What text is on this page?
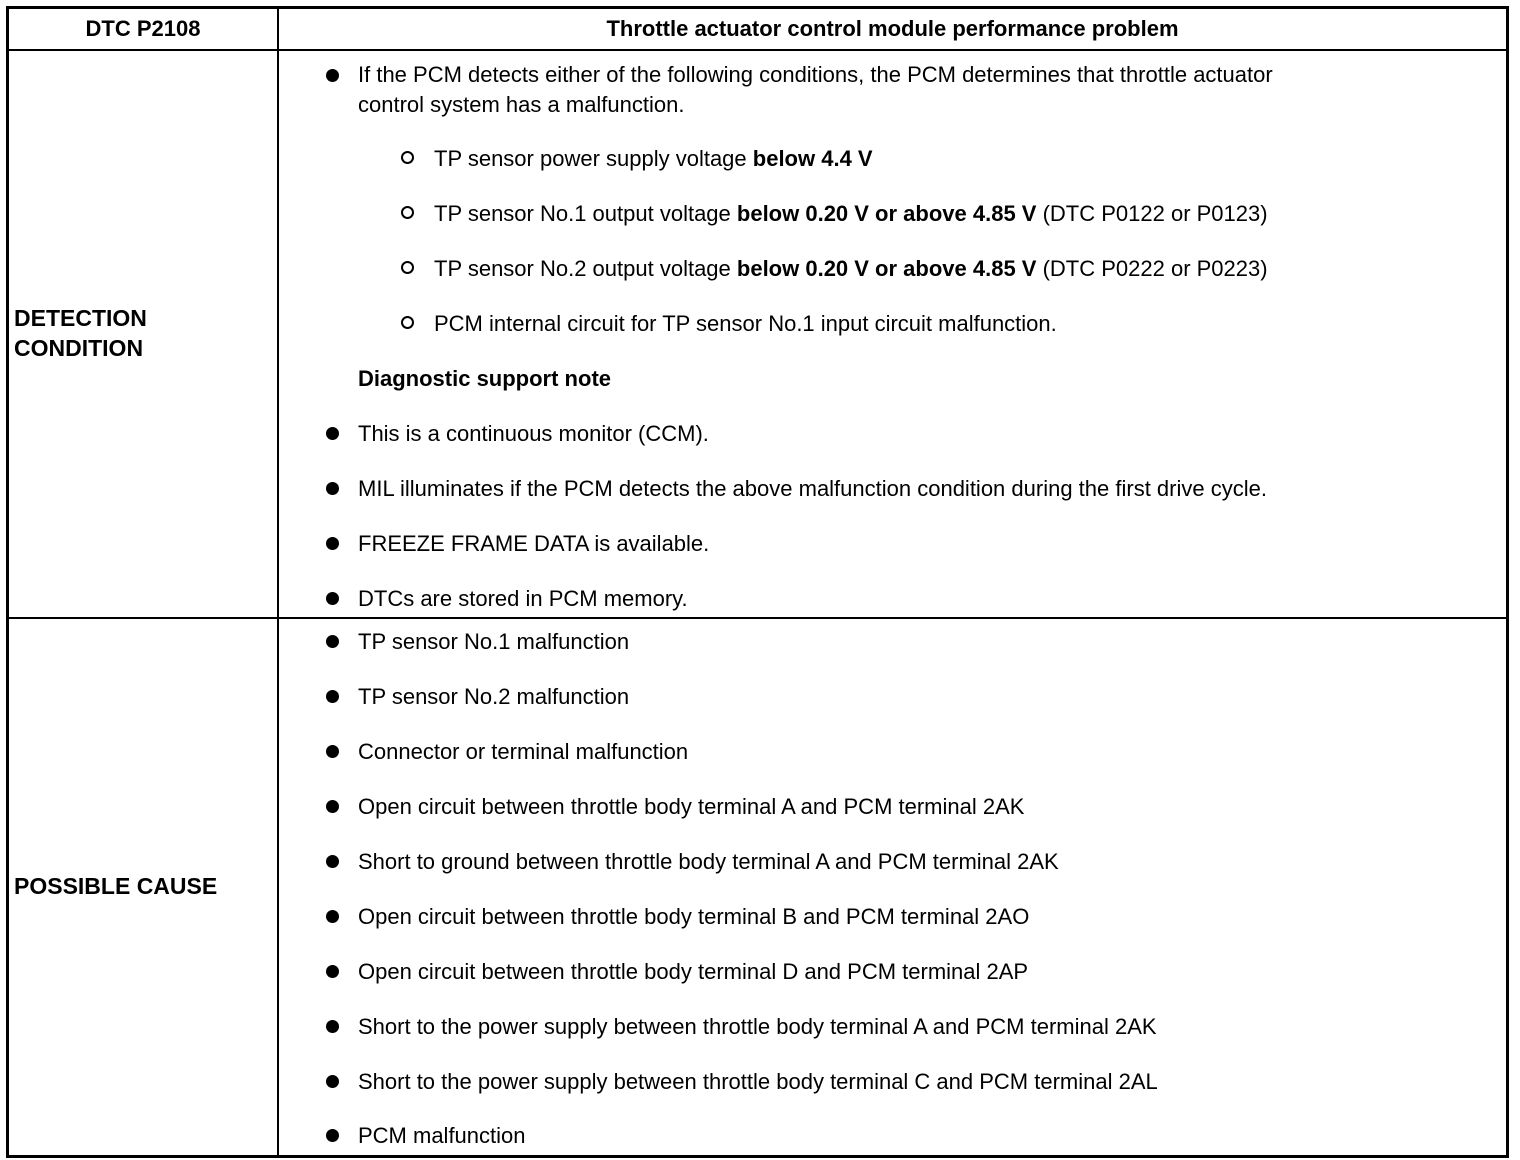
DTC P2108	Throttle actuator control module performance problem
DETECTION
CONDITION
POSSIBLE CAUSE
If the PCM detects either of the following conditions, the PCM determines that throttle actuator
control system has a malfunction.
TP sensor power supply voltage below 4.4 V
TP sensor No.1 output voltage below 0.20 V or above 4.85 V (DTC P0122 or P0123)
TP sensor No.2 output voltage below 0.20 V or above 4.85 V (DTC P0222 or P0223)
PCM internal circuit for TP sensor No.1 input circuit malfunction.
Diagnostic support note
This is a continuous monitor (CCM).
MIL illuminates if the PCM detects the above malfunction condition during the first drive cycle.
FREEZE FRAME DATA is available.
DTCs are stored in PCM memory.
TP sensor No.1 malfunction
TP sensor No.2 malfunction
Connector or terminal malfunction
Open circuit between throttle body terminal A and PCM terminal 2AK
Short to ground between throttle body terminal A and PCM terminal 2AK
Open circuit between throttle body terminal B and PCM terminal 2AO
Open circuit between throttle body terminal D and PCM terminal 2AP
Short to the power supply between throttle body terminal A and PCM terminal 2AK
Short to the power supply between throttle body terminal C and PCM terminal 2AL
PCM malfunction
